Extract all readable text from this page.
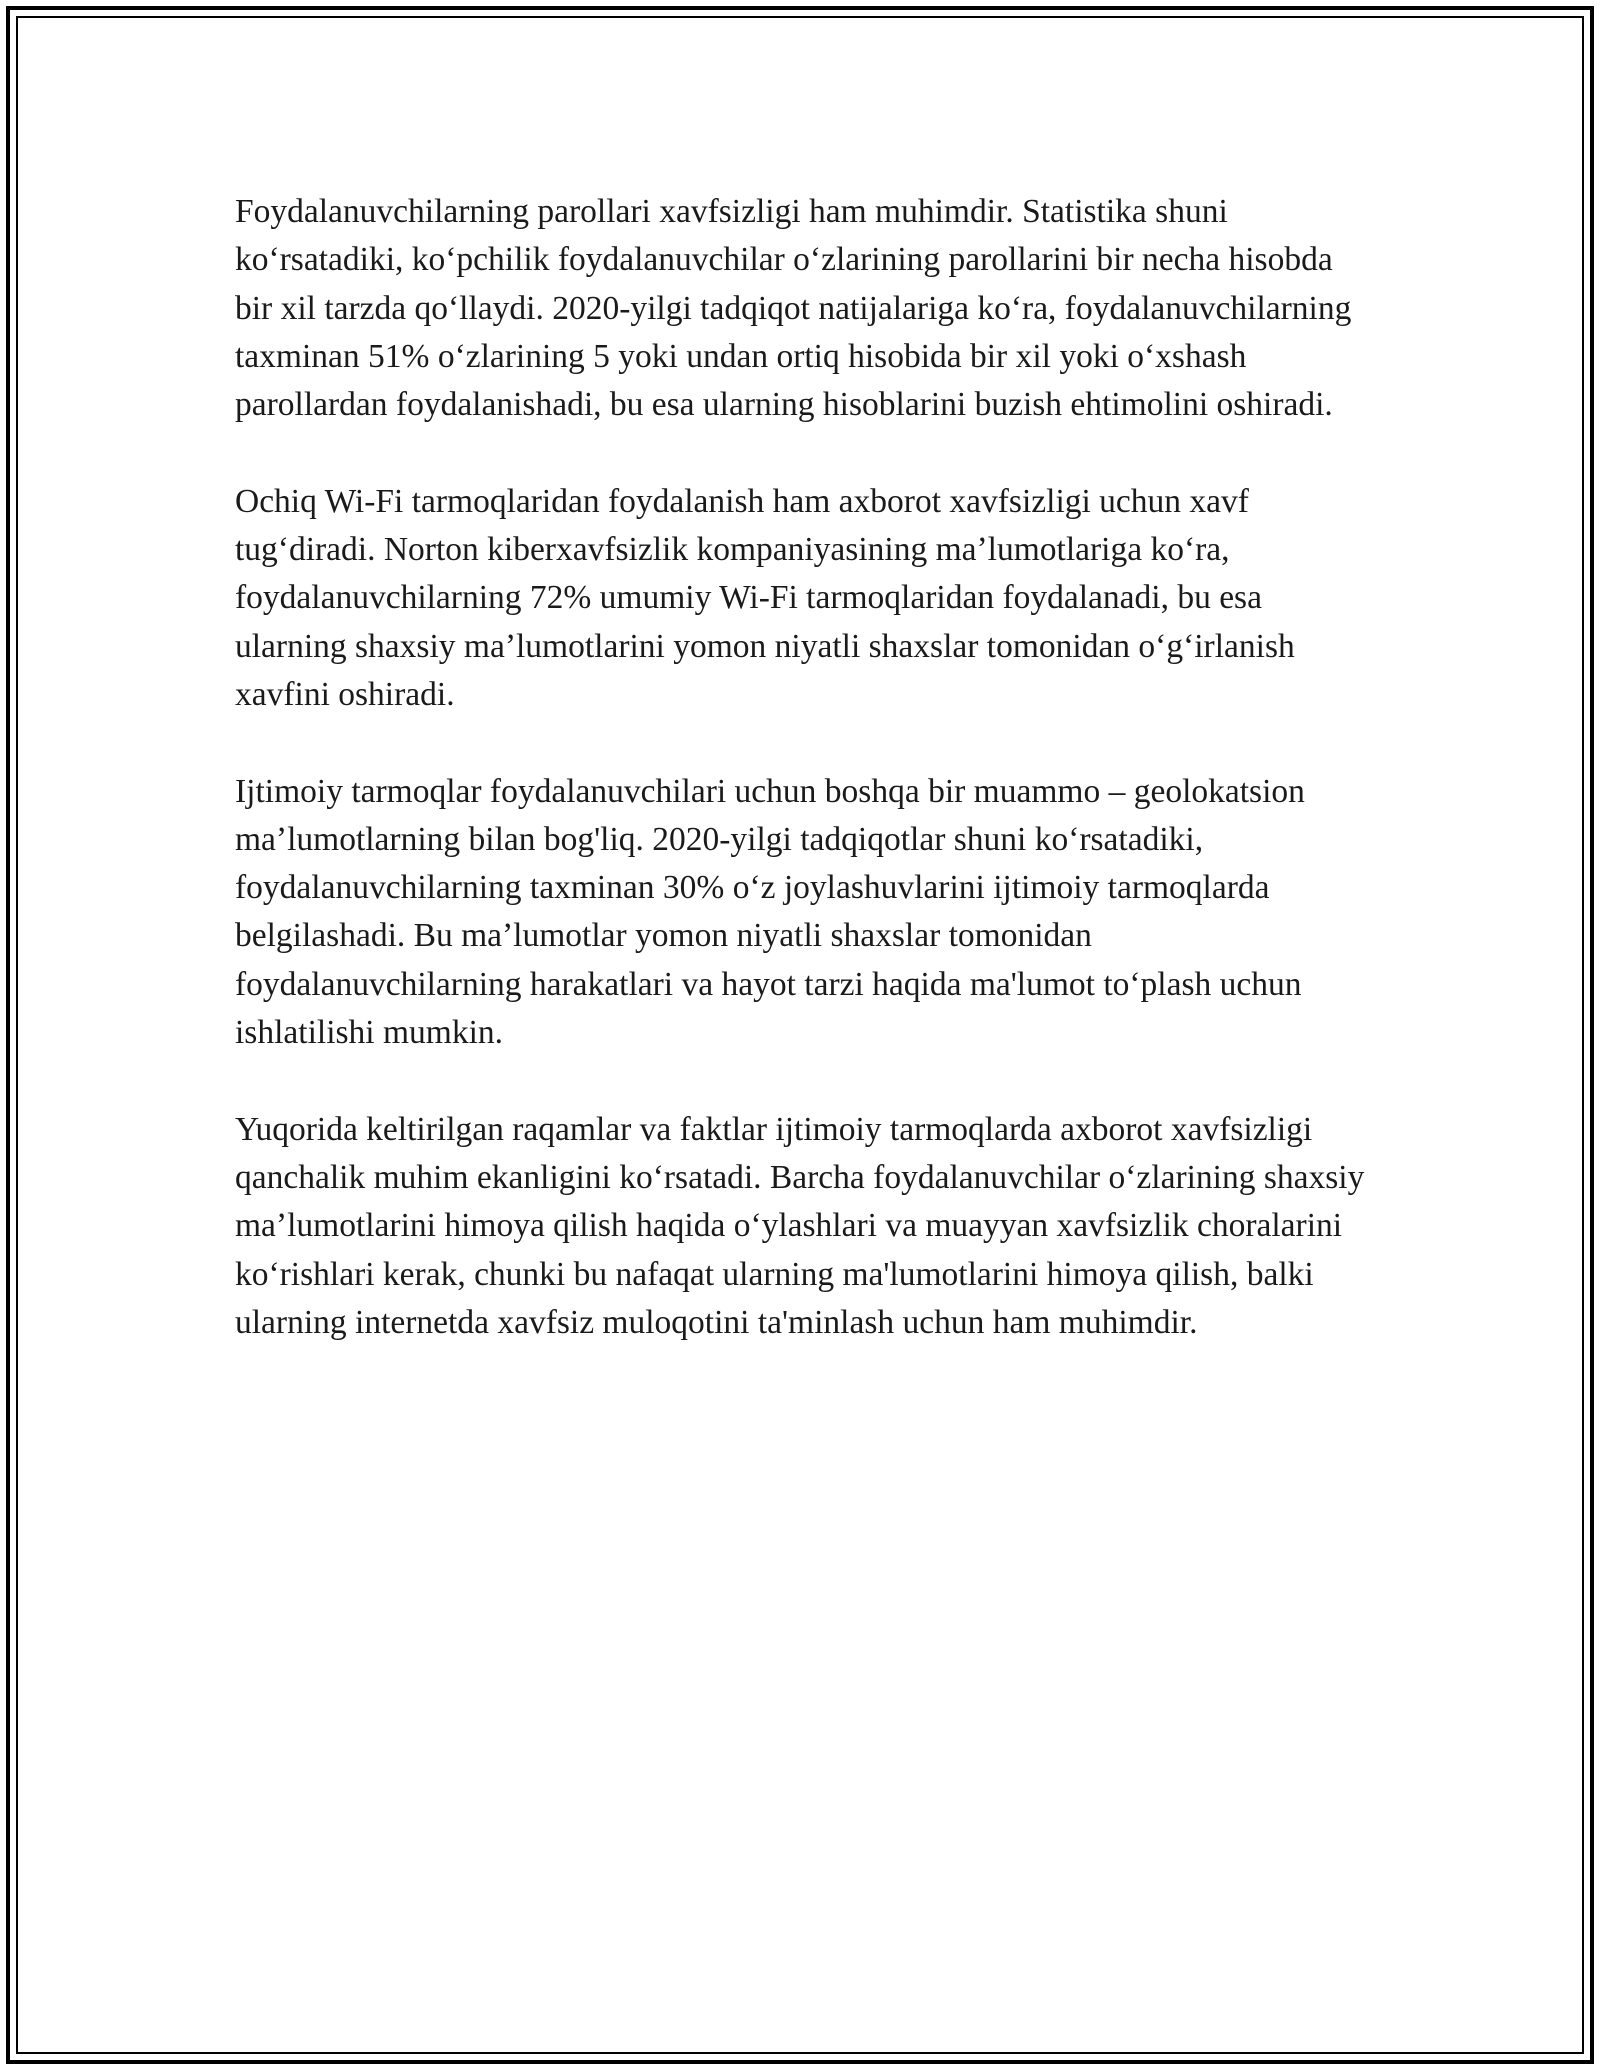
Foydalanuvchilarning parollari xavfsizligi ham muhimdir. Statistika shuni koʻrsatadiki, koʻpchilik foydalanuvchilar oʻzlarining parollarini bir necha hisobda bir xil tarzda qoʻllaydi. 2020-yilgi tadqiqot natijalariga koʻra, foydalanuvchilarning taxminan 51% oʻzlarining 5 yoki undan ortiq hisobida bir xil yoki oʻxshash parollardan foydalanishadi, bu esa ularning hisoblarini buzish ehtimolini oshiradi.

Ochiq Wi-Fi tarmoqlaridan foydalanish ham axborot xavfsizligi uchun xavf tugʻdiradi. Norton kiberxavfsizlik kompaniyasining maʼlumotlariga koʻra, foydalanuvchilarning 72% umumiy Wi-Fi tarmoqlaridan foydalanadi, bu esa ularning shaxsiy maʼlumotlarini yomon niyatli shaxslar tomonidan oʻgʻirlanish xavfini oshiradi.

Ijtimoiy tarmoqlar foydalanuvchilari uchun boshqa bir muammo – geolokatsion maʼlumotlarning bilan bog'liq. 2020-yilgi tadqiqotlar shuni koʻrsatadiki, foydalanuvchilarning taxminan 30% oʻz joylashuvlarini ijtimoiy tarmoqlarda belgilashadi. Bu maʼlumotlar yomon niyatli shaxslar tomonidan foydalanuvchilarning harakatlari va hayot tarzi haqida ma'lumot toʻplash uchun ishlatilishi mumkin.

Yuqorida keltirilgan raqamlar va faktlar ijtimoiy tarmoqlarda axborot xavfsizligi qanchalik muhim ekanligini koʻrsatadi. Barcha foydalanuvchilar oʻzlarining shaxsiy maʼlumotlarini himoya qilish haqida oʻylashlari va muayyan xavfsizlik choralarini koʻrishlari kerak, chunki bu nafaqat ularning ma'lumotlarini himoya qilish, balki ularning internetda xavfsiz muloqotini ta'minlash uchun ham muhimdir.
